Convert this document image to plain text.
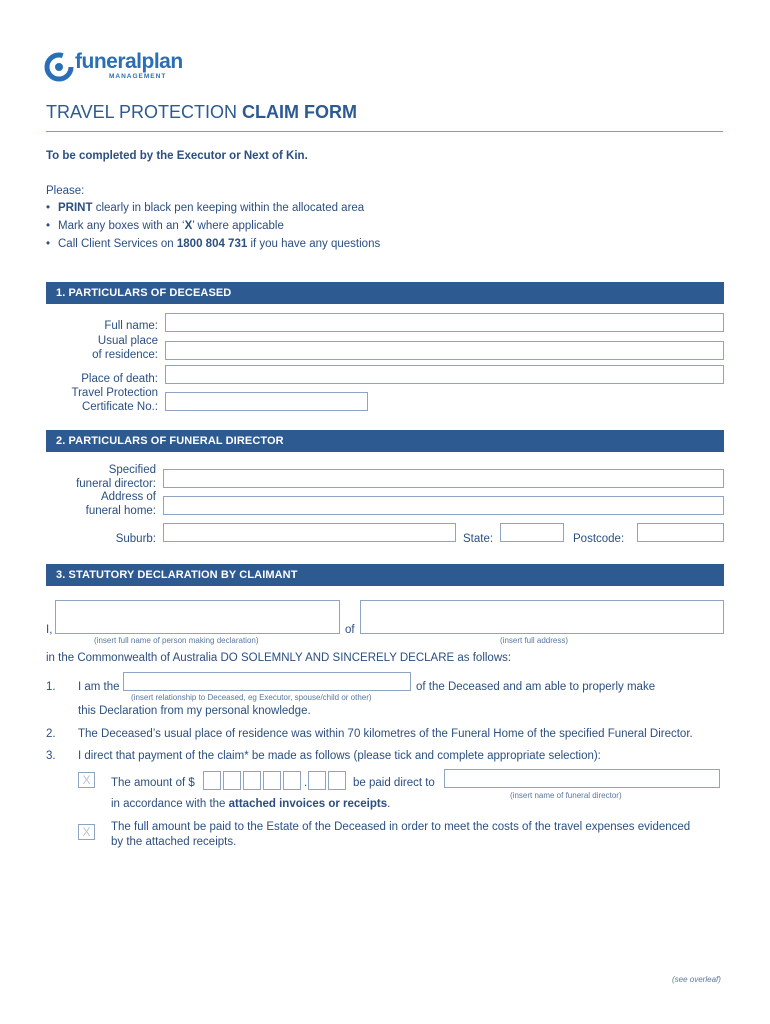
funeralplan
MANAGEMENT
TRAVEL PROTECTION CLAIM FORM
To be completed by the Executor or Next of Kin.
Please:
• PRINT clearly in black pen keeping within the allocated area
• Mark any boxes with an ‘X’ where applicable
• Call Client Services on 1800 804 731 if you have any questions
1. PARTICULARS OF DECEASED
Full name:
Usual place
of residence:
Place of death:
Travel Protection
Certificate No.:
2. PARTICULARS OF FUNERAL DIRECTOR
Specified
funeral director:
Address of
funeral home:
Suburb:	State:	Postcode:
3. STATUTORY DECLARATION BY CLAIMANT
I,
(insert full name of person making declaration)
of
(insert full address)
in the Commonwealth of Australia DO SOLEMNLY AND SINCERELY DECLARE as follows:
1. I am the
(insert relationship to Deceased, eg Executor, spouse/child or other)
of the Deceased and am able to properly make
this Declaration from my personal knowledge.
2. The Deceased’s usual place of residence was within 70 kilometres of the Funeral Home of the specified Funeral Director.
3. I direct that payment of the claim* be made as follows (please tick and complete appropriate selection):
X	The amount of $	.	be paid direct to
(insert name of funeral director)
in accordance with the attached invoices or receipts.
X	The full amount be paid to the Estate of the Deceased in order to meet the costs of the travel expenses evidenced
by the attached receipts.
(see overleaf)
